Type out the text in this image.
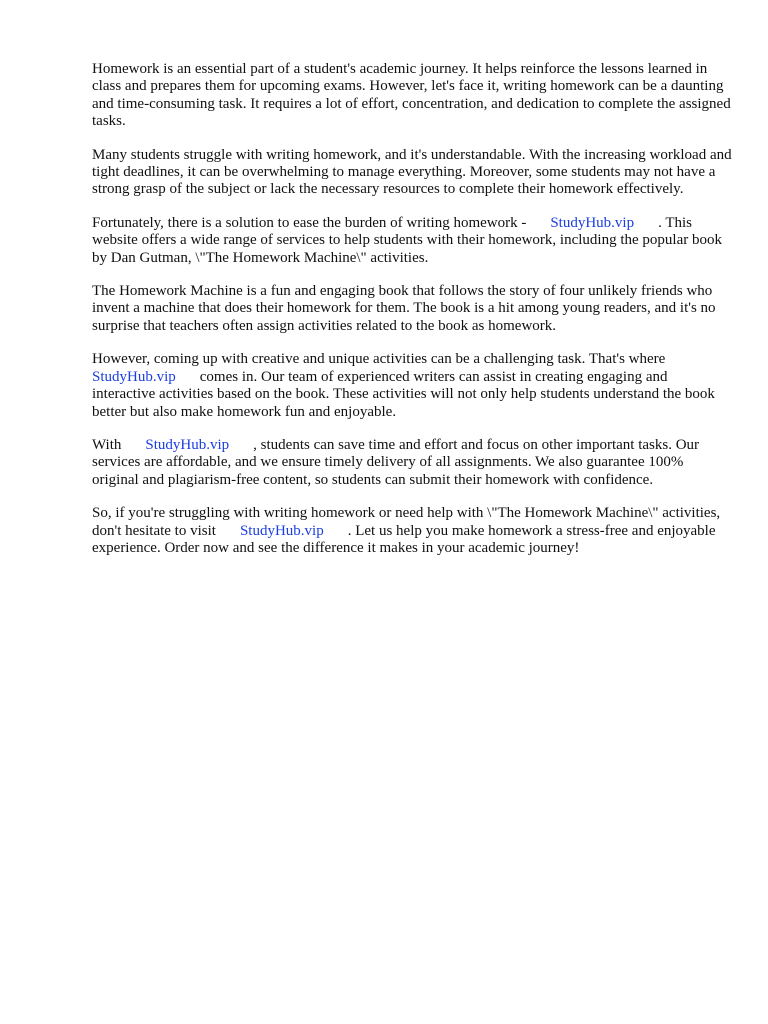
Homework is an essential part of a student's academic journey. It helps reinforce the lessons learned in class and prepares them for upcoming exams. However, let's face it, writing homework can be a daunting and time-consuming task. It requires a lot of effort, concentration, and dedication to complete the assigned tasks.

Many students struggle with writing homework, and it's understandable. With the increasing workload and tight deadlines, it can be overwhelming to manage everything. Moreover, some students may not have a strong grasp of the subject or lack the necessary resources to complete their homework effectively.

Fortunately, there is a solution to ease the burden of writing homework - StudyHub.vip . This website offers a wide range of services to help students with their homework, including the popular book by Dan Gutman, \"The Homework Machine\" activities.

The Homework Machine is a fun and engaging book that follows the story of four unlikely friends who invent a machine that does their homework for them. The book is a hit among young readers, and it's no surprise that teachers often assign activities related to the book as homework.

However, coming up with creative and unique activities can be a challenging task. That's where StudyHub.vip comes in. Our team of experienced writers can assist in creating engaging and interactive activities based on the book. These activities will not only help students understand the book better but also make homework fun and enjoyable.

With StudyHub.vip , students can save time and effort and focus on other important tasks. Our services are affordable, and we ensure timely delivery of all assignments. We also guarantee 100% original and plagiarism-free content, so students can submit their homework with confidence.

So, if you're struggling with writing homework or need help with \"The Homework Machine\" activities, don't hesitate to visit StudyHub.vip . Let us help you make homework a stress-free and enjoyable experience. Order now and see the difference it makes in your academic journey!
